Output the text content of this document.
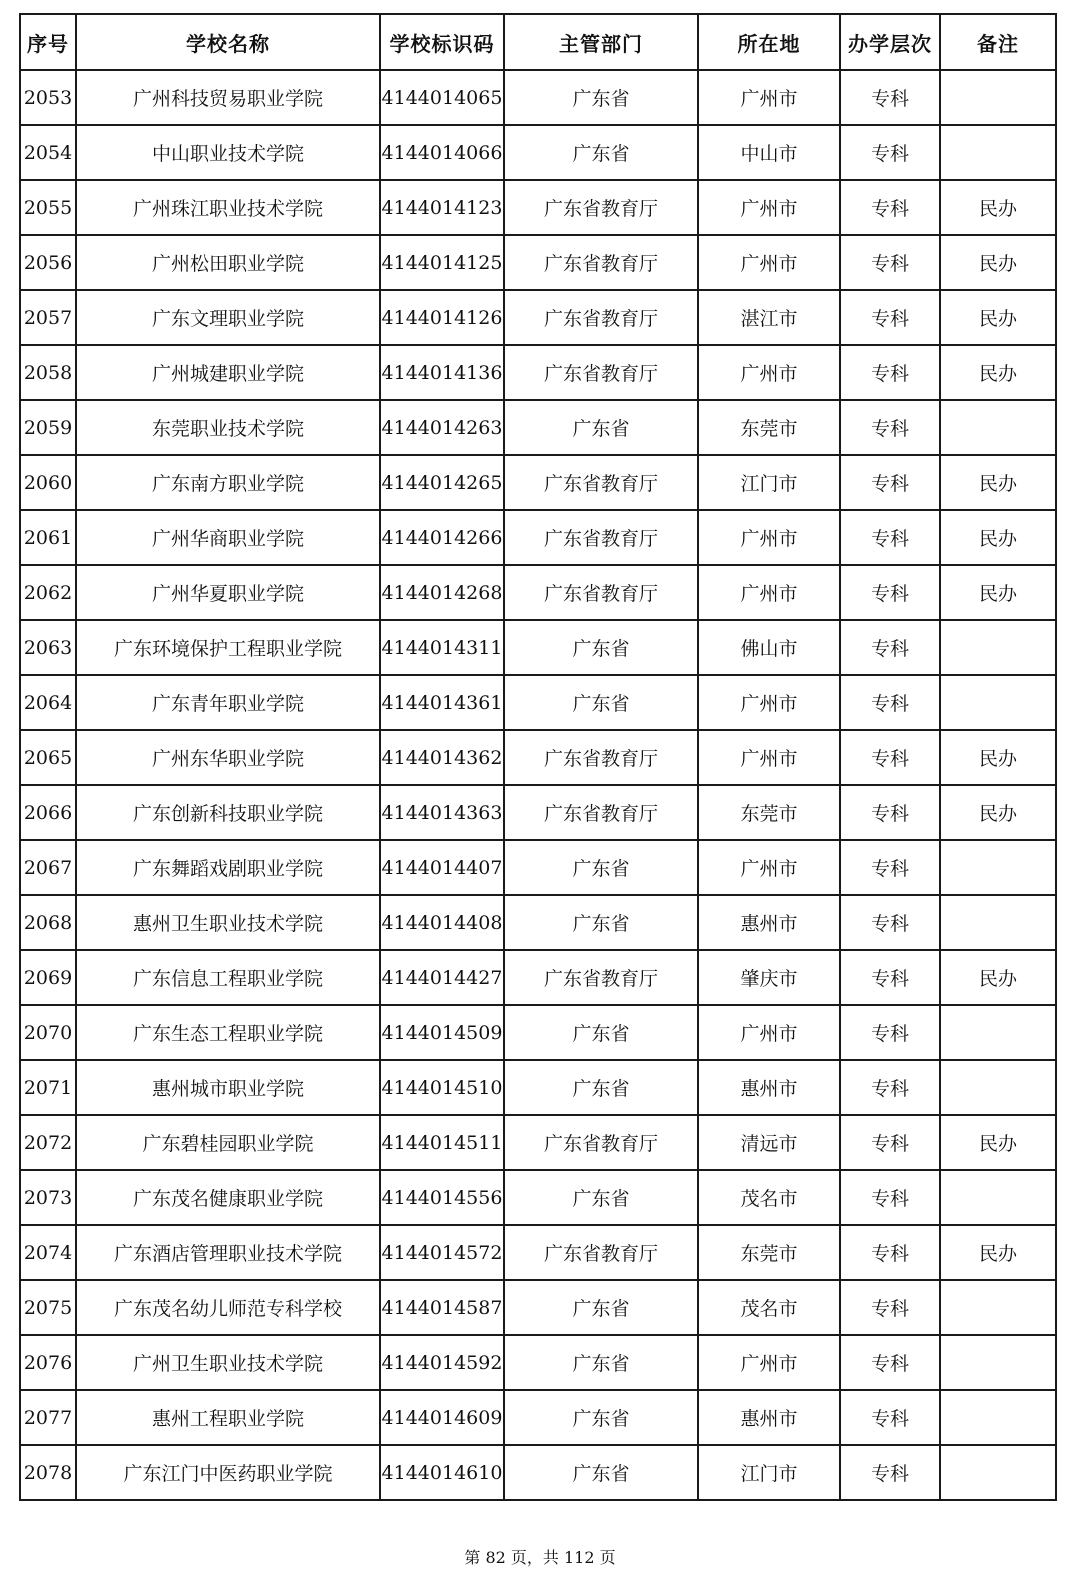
序号	学校名称	学校标识码	主管部门	所在地	办学层次	备注
2053	广州科技贸易职业学院	4144014065	广东省	广州市	专科	
2054	中山职业技术学院	4144014066	广东省	中山市	专科	
2055	广州珠江职业技术学院	4144014123	广东省教育厅	广州市	专科	民办
2056	广州松田职业学院	4144014125	广东省教育厅	广州市	专科	民办
2057	广东文理职业学院	4144014126	广东省教育厅	湛江市	专科	民办
2058	广州城建职业学院	4144014136	广东省教育厅	广州市	专科	民办
2059	东莞职业技术学院	4144014263	广东省	东莞市	专科	
2060	广东南方职业学院	4144014265	广东省教育厅	江门市	专科	民办
2061	广州华商职业学院	4144014266	广东省教育厅	广州市	专科	民办
2062	广州华夏职业学院	4144014268	广东省教育厅	广州市	专科	民办
2063	广东环境保护工程职业学院	4144014311	广东省	佛山市	专科	
2064	广东青年职业学院	4144014361	广东省	广州市	专科	
2065	广州东华职业学院	4144014362	广东省教育厅	广州市	专科	民办
2066	广东创新科技职业学院	4144014363	广东省教育厅	东莞市	专科	民办
2067	广东舞蹈戏剧职业学院	4144014407	广东省	广州市	专科	
2068	惠州卫生职业技术学院	4144014408	广东省	惠州市	专科	
2069	广东信息工程职业学院	4144014427	广东省教育厅	肇庆市	专科	民办
2070	广东生态工程职业学院	4144014509	广东省	广州市	专科	
2071	惠州城市职业学院	4144014510	广东省	惠州市	专科	
2072	广东碧桂园职业学院	4144014511	广东省教育厅	清远市	专科	民办
2073	广东茂名健康职业学院	4144014556	广东省	茂名市	专科	
2074	广东酒店管理职业技术学院	4144014572	广东省教育厅	东莞市	专科	民办
2075	广东茂名幼儿师范专科学校	4144014587	广东省	茂名市	专科	
2076	广州卫生职业技术学院	4144014592	广东省	广州市	专科	
2077	惠州工程职业学院	4144014609	广东省	惠州市	专科	
2078	广东江门中医药职业学院	4144014610	广东省	江门市	专科	
第 82 页，共 112 页
